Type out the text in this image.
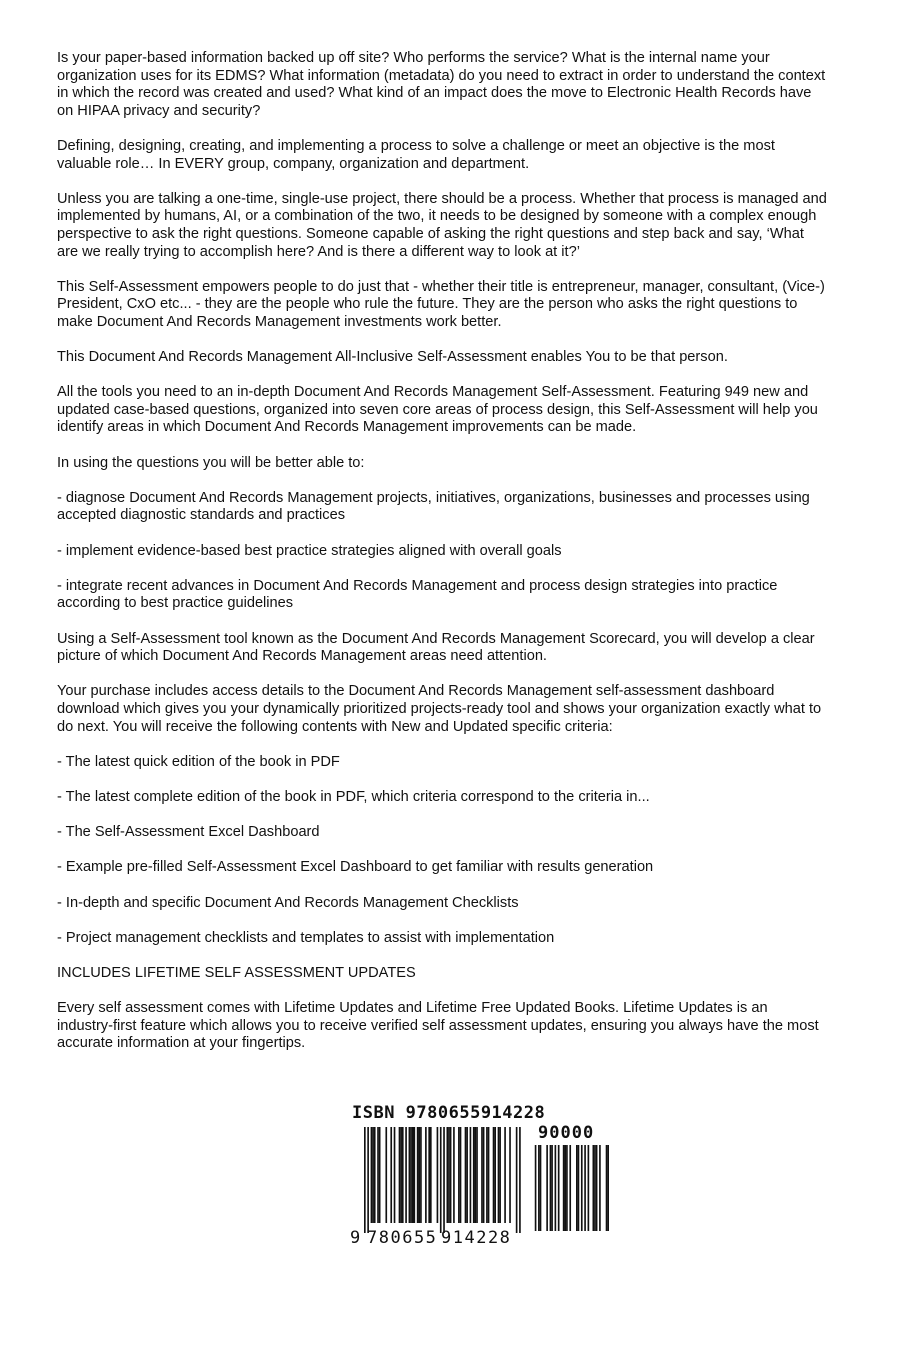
Is your paper-based information backed up off site? Who performs the service? What is the internal name your organization uses for its EDMS? What information (metadata) do you need to extract in order to understand the context in which the record was created and used? What kind of an impact does the move to Electronic Health Records have on HIPAA privacy and security?

Defining, designing, creating, and implementing a process to solve a challenge or meet an objective is the most valuable role… In EVERY group, company, organization and department.

Unless you are talking a one-time, single-use project, there should be a process. Whether that process is managed and implemented by humans, AI, or a combination of the two, it needs to be designed by someone with a complex enough perspective to ask the right questions. Someone capable of asking the right questions and step back and say, ‘What are we really trying to accomplish here? And is there a different way to look at it?’

This Self-Assessment empowers people to do just that - whether their title is entrepreneur, manager, consultant, (Vice-) President, CxO etc... - they are the people who rule the future. They are the person who asks the right questions to make Document And Records Management investments work better.

This Document And Records Management All-Inclusive Self-Assessment enables You to be that person.

All the tools you need to an in-depth Document And Records Management Self-Assessment. Featuring 949 new and updated case-based questions, organized into seven core areas of process design, this Self-Assessment will help you identify areas in which Document And Records Management improvements can be made.

In using the questions you will be better able to:

- diagnose Document And Records Management projects, initiatives, organizations, businesses and processes using accepted diagnostic standards and practices

- implement evidence-based best practice strategies aligned with overall goals

- integrate recent advances in Document And Records Management and process design strategies into practice according to best practice guidelines

Using a Self-Assessment tool known as the Document And Records Management Scorecard, you will develop a clear picture of which Document And Records Management areas need attention.

Your purchase includes access details to the Document And Records Management self-assessment dashboard download which gives you your dynamically prioritized projects-ready tool and shows your organization exactly what to do next. You will receive the following contents with New and Updated specific criteria:

- The latest quick edition of the book in PDF

- The latest complete edition of the book in PDF, which criteria correspond to the criteria in...

- The Self-Assessment Excel Dashboard

- Example pre-filled Self-Assessment Excel Dashboard to get familiar with results generation

- In-depth and specific Document And Records Management Checklists

- Project management checklists and templates to assist with implementation

INCLUDES LIFETIME SELF ASSESSMENT UPDATES

Every self assessment comes with Lifetime Updates and Lifetime Free Updated Books. Lifetime Updates is an industry-first feature which allows you to receive verified self assessment updates, ensuring you always have the most accurate information at your fingertips.

ISBN 9780655914228
90000
9 780655 914228
